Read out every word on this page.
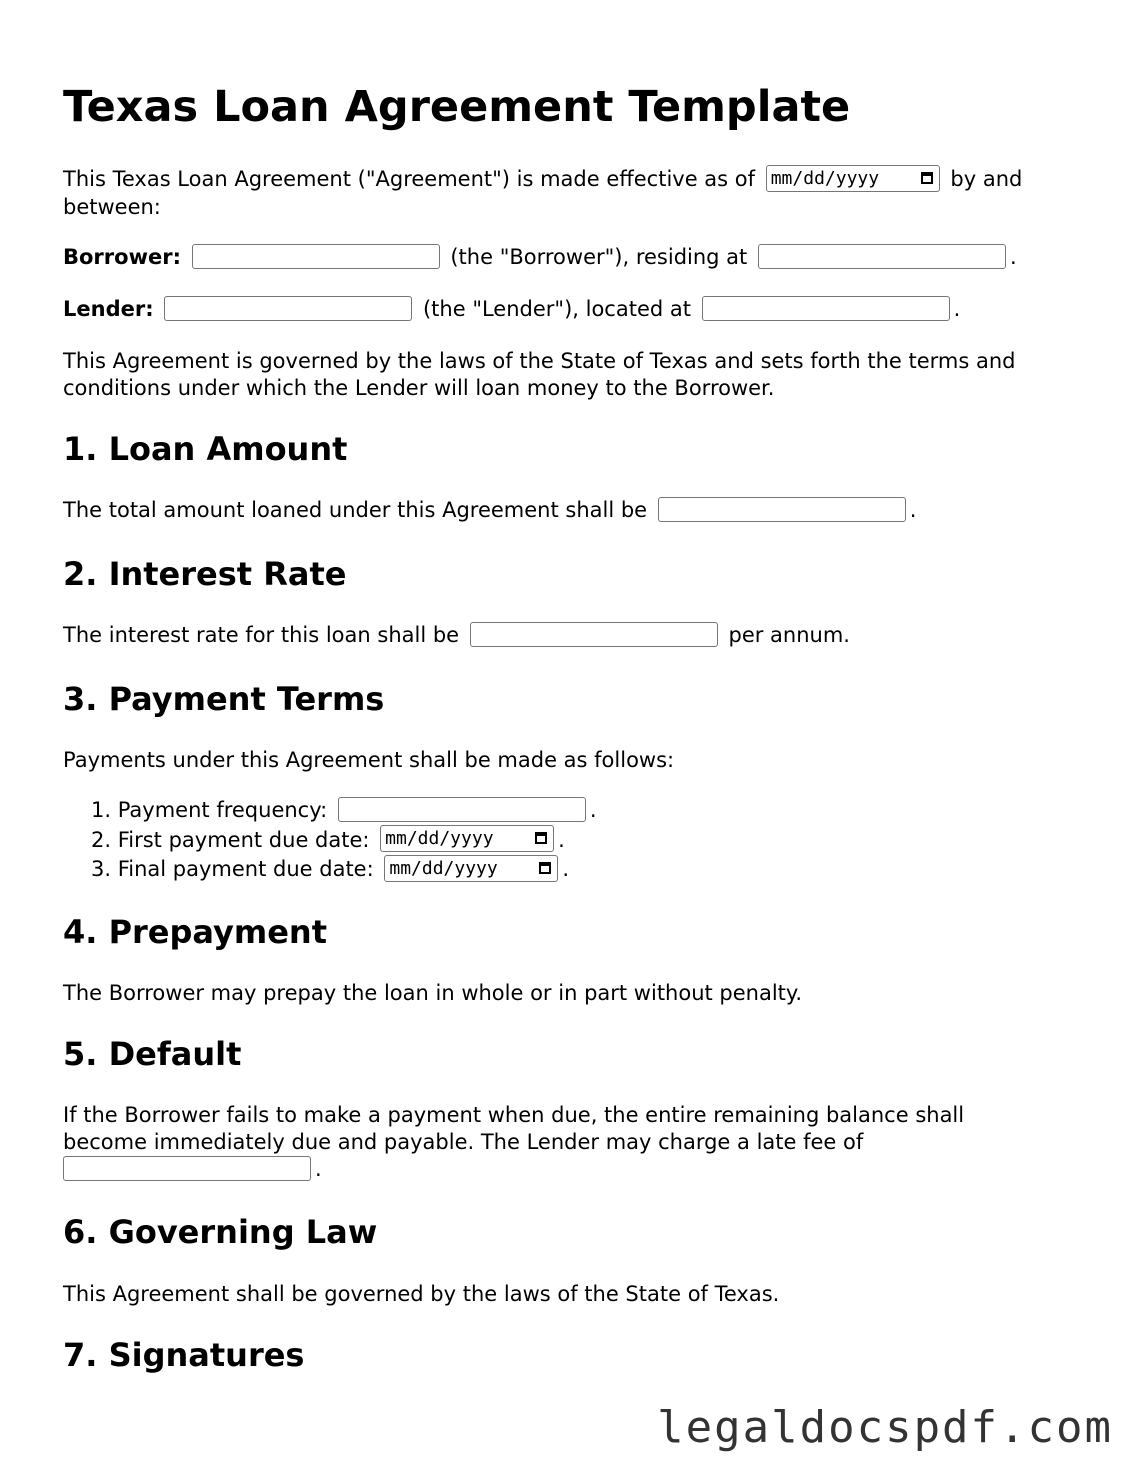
Texas Loan Agreement Template

This Texas Loan Agreement ("Agreement") is made effective as of mm/dd/yyyy	by and
between:

Borrower:	(the "Borrower"), residing at	.

Lender:	(the "Lender"), located at	.

This Agreement is governed by the laws of the State of Texas and sets forth the terms and
conditions under which the Lender will loan money to the Borrower.

1. Loan Amount

The total amount loaned under this Agreement shall be	.

2. Interest Rate

The interest rate for this loan shall be	per annum.

3. Payment Terms

Payments under this Agreement shall be made as follows:

1. Payment frequency:	.
2. First payment due date: mm/dd/yyyy	.
3. Final payment due date: mm/dd/yyyy	.
4. Prepayment

The Borrower may prepay the loan in whole or in part without penalty.

5. Default

If the Borrower fails to make a payment when due, the entire remaining balance shall
become immediately due and payable. The Lender may charge a late fee of
.

6. Governing Law

This Agreement shall be governed by the laws of the State of Texas.

7. Signatures
legaldocspdf.com
